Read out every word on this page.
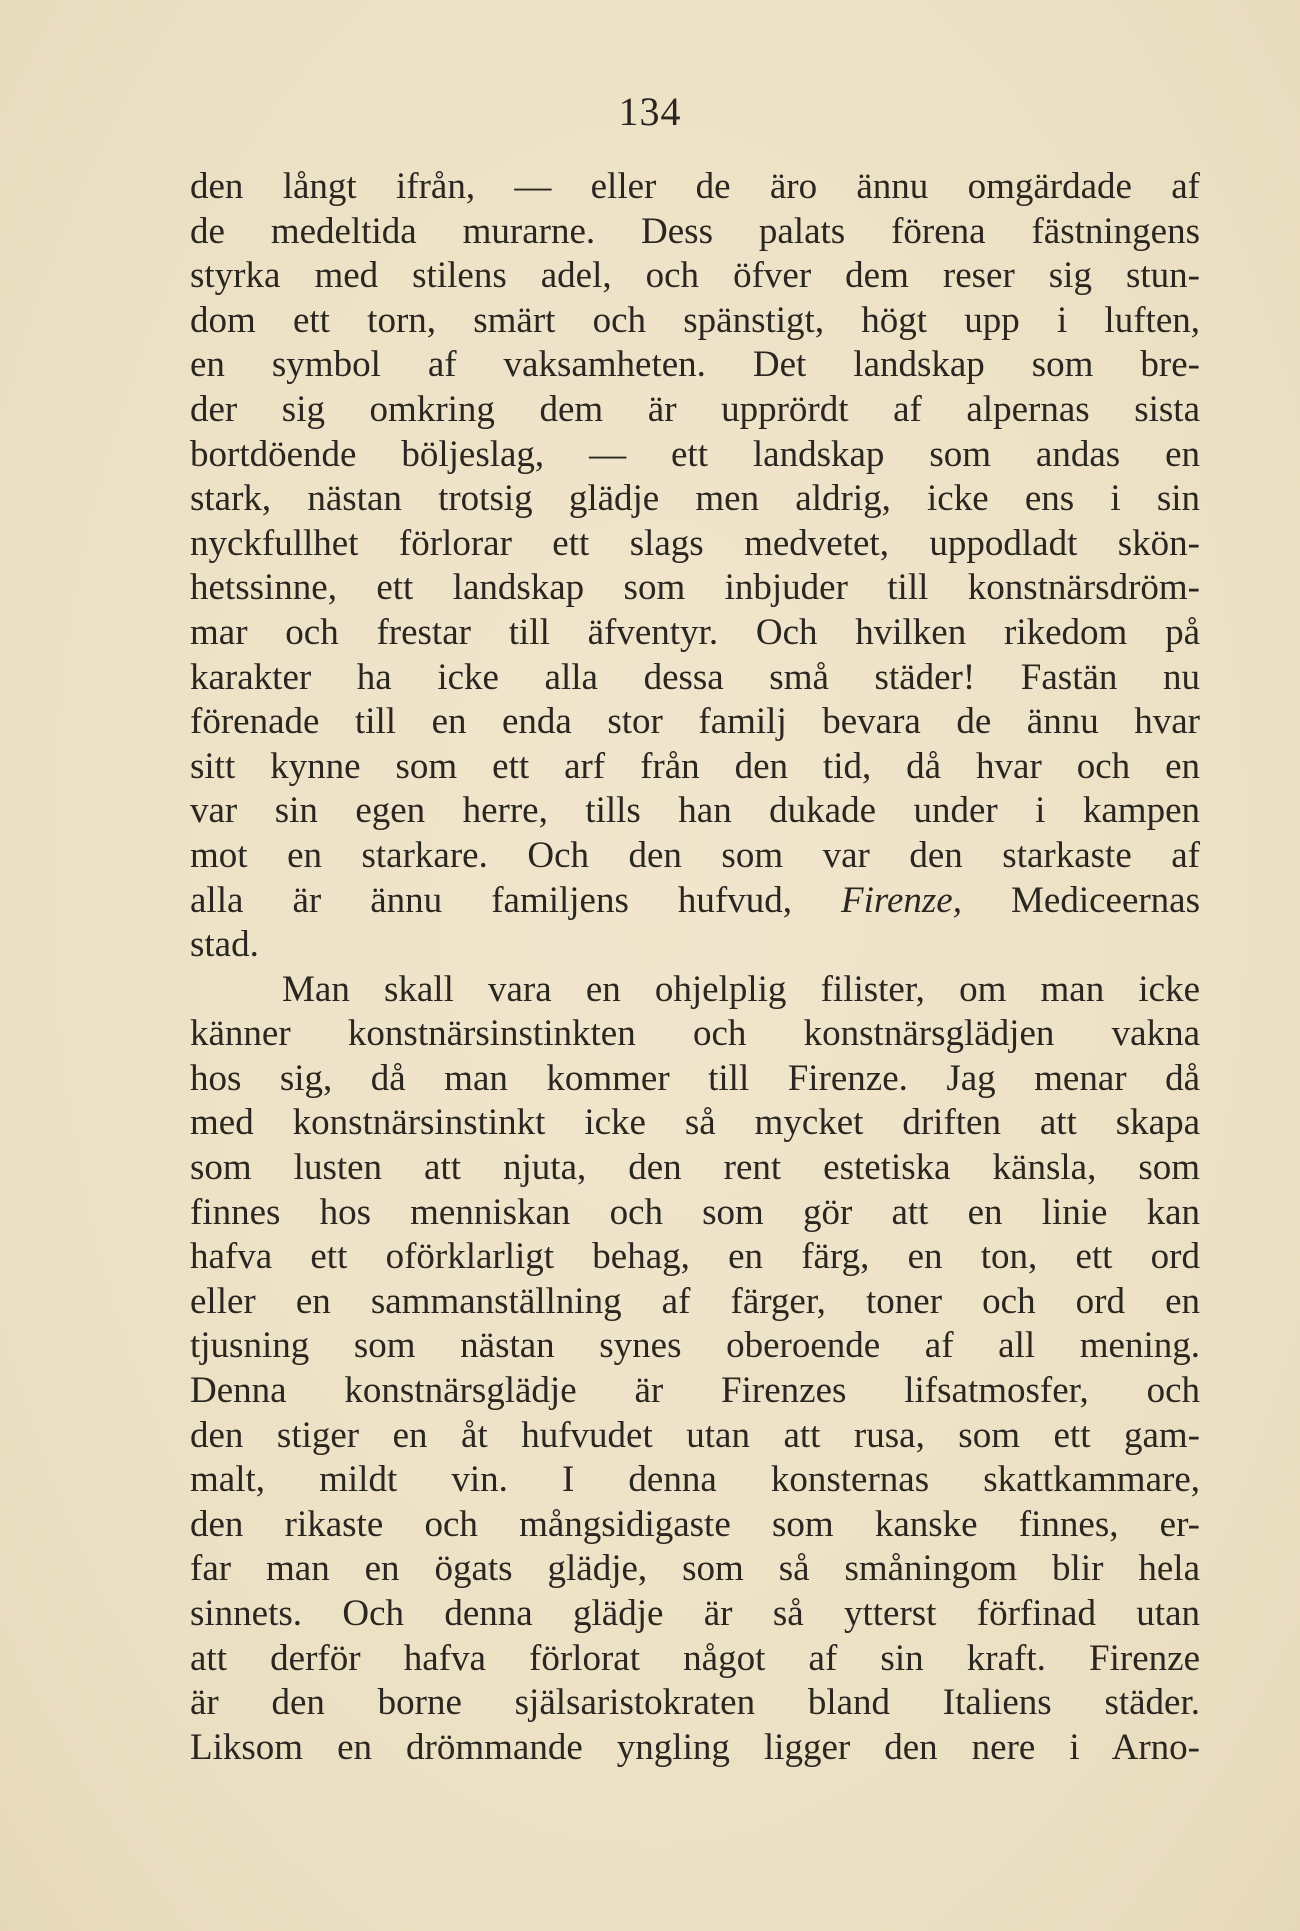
134
den långt ifrån, — eller de äro ännu omgärdade af
de medeltida murarne. Dess palats förena fästningens
styrka med stilens adel, och öfver dem reser sig stun-
dom ett torn, smärt och spänstigt, högt upp i luften,
en symbol af vaksamheten. Det landskap som bre-
der sig omkring dem är upprördt af alpernas sista
bortdöende böljeslag, — ett landskap som andas en
stark, nästan trotsig glädje men aldrig, icke ens i sin
nyckfullhet förlorar ett slags medvetet, uppodladt skön-
hetssinne, ett landskap som inbjuder till konstnärsdröm-
mar och frestar till äfventyr. Och hvilken rikedom på
karakter ha icke alla dessa små städer! Fastän nu
förenade till en enda stor familj bevara de ännu hvar
sitt kynne som ett arf från den tid, då hvar och en
var sin egen herre, tills han dukade under i kampen
mot en starkare. Och den som var den starkaste af
alla är ännu familjens hufvud, Firenze, Mediceernas
stad.
Man skall vara en ohjelplig filister, om man icke
känner konstnärsinstinkten och konstnärsglädjen vakna
hos sig, då man kommer till Firenze. Jag menar då
med konstnärsinstinkt icke så mycket driften att skapa
som lusten att njuta, den rent estetiska känsla, som
finnes hos menniskan och som gör att en linie kan
hafva ett oförklarligt behag, en färg, en ton, ett ord
eller en sammanställning af färger, toner och ord en
tjusning som nästan synes oberoende af all mening.
Denna konstnärsglädje är Firenzes lifsatmosfer, och
den stiger en åt hufvudet utan att rusa, som ett gam-
malt, mildt vin. I denna konsternas skattkammare,
den rikaste och mångsidigaste som kanske finnes, er-
far man en ögats glädje, som så småningom blir hela
sinnets. Och denna glädje är så ytterst förfinad utan
att derför hafva förlorat något af sin kraft. Firenze
är den borne själsaristokraten bland Italiens städer.
Liksom en drömmande yngling ligger den nere i Arno-
